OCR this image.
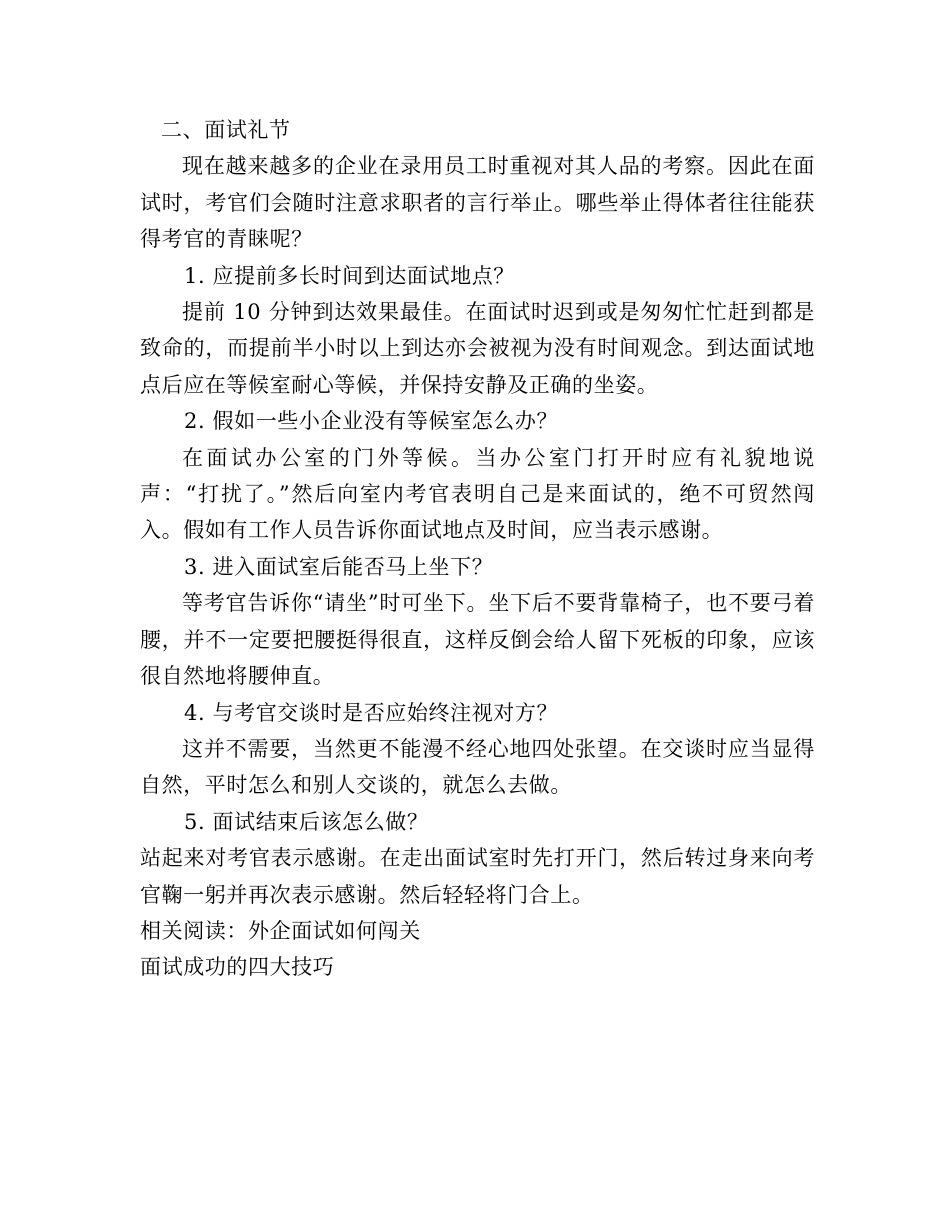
二、面试礼节

现在越来越多的企业在录用员工时重视对其人品的考察。因此在面试时，考官们会随时注意求职者的言行举止。哪些举止得体者往往能获得考官的青睐呢？

1. 应提前多长时间到达面试地点？

提前 10 分钟到达效果最佳。在面试时迟到或是匆匆忙忙赶到都是致命的，而提前半小时以上到达亦会被视为没有时间观念。到达面试地点后应在等候室耐心等候，并保持安静及正确的坐姿。

2. 假如一些小企业没有等候室怎么办？

在面试办公室的门外等候。当办公室门打开时应有礼貌地说声：“打扰了。”然后向室内考官表明自己是来面试的，绝不可贸然闯入。假如有工作人员告诉你面试地点及时间，应当表示感谢。

3. 进入面试室后能否马上坐下？

等考官告诉你“请坐”时可坐下。坐下后不要背靠椅子，也不要弓着腰，并不一定要把腰挺得很直，这样反倒会给人留下死板的印象，应该很自然地将腰伸直。

4. 与考官交谈时是否应始终注视对方？

这并不需要，当然更不能漫不经心地四处张望。在交谈时应当显得自然，平时怎么和别人交谈的，就怎么去做。

5. 面试结束后该怎么做？

站起来对考官表示感谢。在走出面试室时先打开门，然后转过身来向考官鞠一躬并再次表示感谢。然后轻轻将门合上。

相关阅读：外企面试如何闯关

面试成功的四大技巧
